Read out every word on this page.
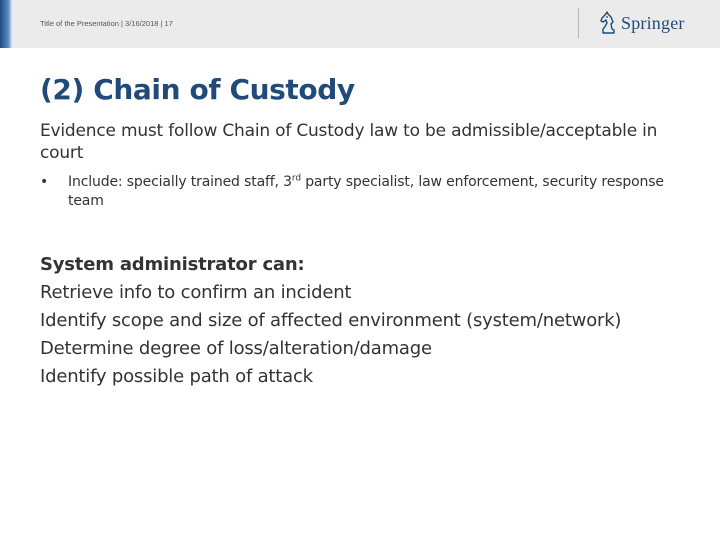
Title of the Presentation | 3/16/2018 | 17	Springer
(2) Chain of Custody

Evidence must follow Chain of Custody law to be admissible/acceptable in court

•	Include: specially trained staff, 3rd party specialist, law enforcement, security response team
System administrator can:
Retrieve info to confirm an incident
Identify scope and size of affected environment (system/network)
Determine degree of loss/alteration/damage
Identify possible path of attack
